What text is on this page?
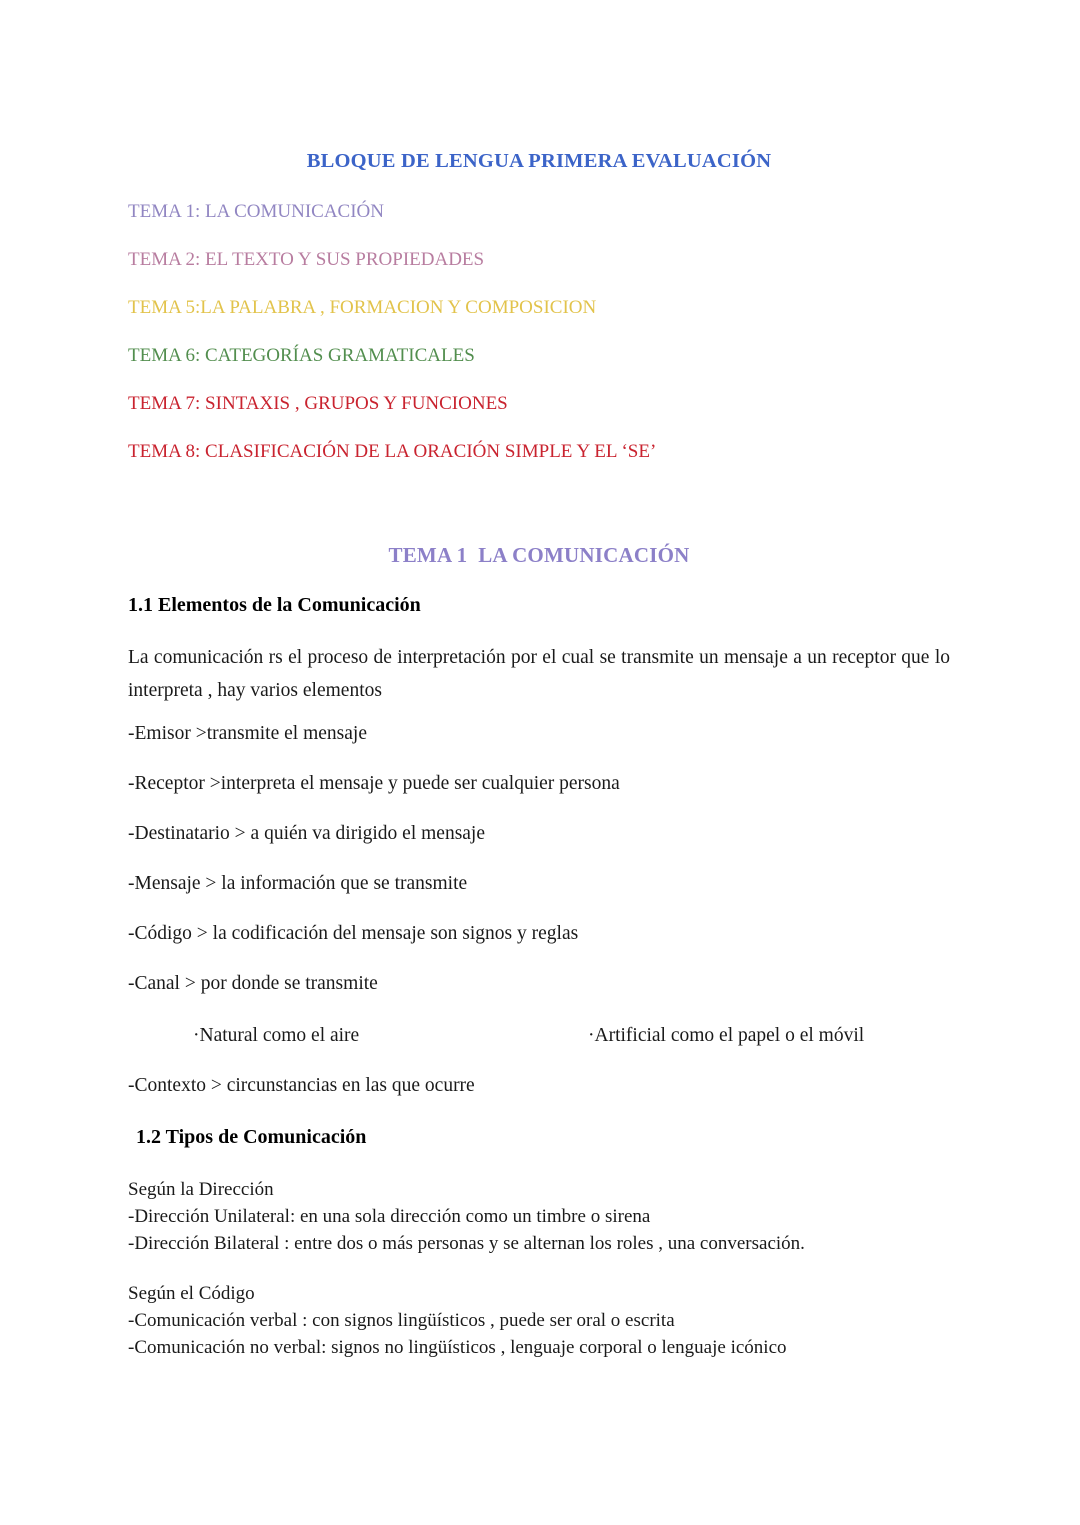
BLOQUE DE LENGUA PRIMERA EVALUACIÓN

TEMA 1: LA COMUNICACIÓN

TEMA 2: EL TEXTO Y SUS PROPIEDADES

TEMA 5:LA PALABRA , FORMACION Y COMPOSICION

TEMA 6: CATEGORÍAS GRAMATICALES

TEMA 7: SINTAXIS , GRUPOS Y FUNCIONES

TEMA 8: CLASIFICACIÓN DE LA ORACIÓN SIMPLE Y EL ‘SE’

TEMA 1  LA COMUNICACIÓN
1.1 Elementos de la Comunicación

La comunicación rs el proceso de interpretación por el cual se transmite un mensaje a un receptor que lo interpreta , hay varios elementos

-Emisor >transmite el mensaje

-Receptor >interpreta el mensaje y puede ser cualquier persona

-Destinatario > a quién va dirigido el mensaje

-Mensaje > la información que se transmite

-Código > la codificación del mensaje son signos y reglas

-Canal > por donde se transmite

·Natural como el aire	·Artificial como el papel o el móvil

-Contexto > circunstancias en las que ocurre

1.2 Tipos de Comunicación

Según la Dirección

-Dirección Unilateral: en una sola dirección como un timbre o sirena

-Dirección Bilateral : entre dos o más personas y se alternan los roles , una conversación.

Según el Código

-Comunicación verbal : con signos lingüísticos , puede ser oral o escrita

-Comunicación no verbal: signos no lingüísticos , lenguaje corporal o lenguaje icónico
